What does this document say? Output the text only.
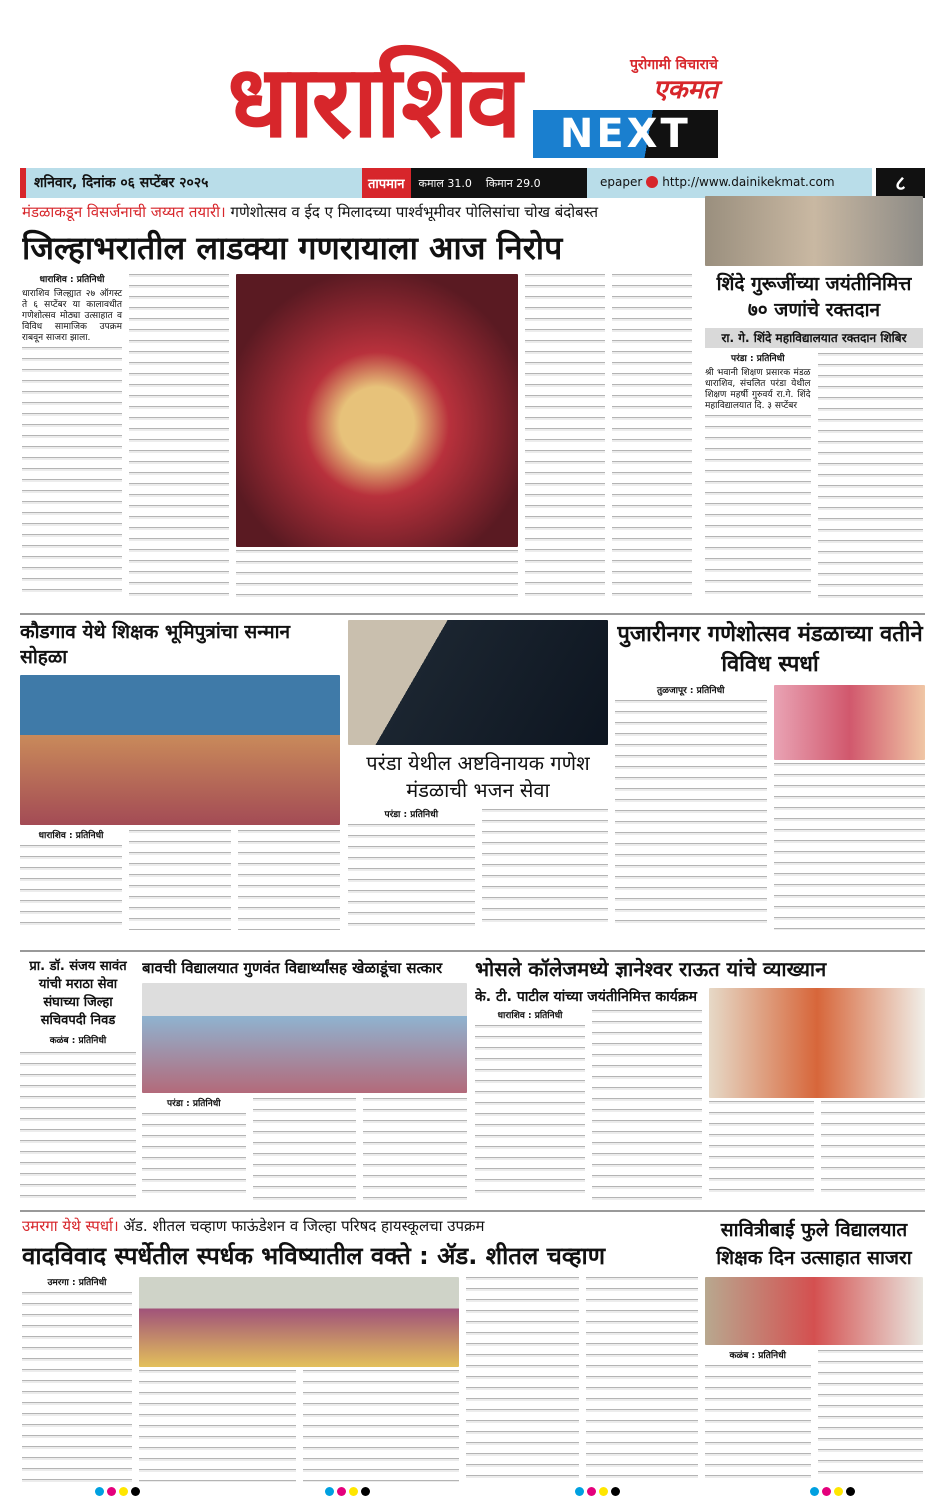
धाराशिव	पुरोगामी विचाराचे
एकमत
NEXT
शनिवार, दिनांक ०६ सप्टेंबर २०२५	तापमान	कमाल 31.0 किमान 29.0	epaper http://www.dainikekmat.com	८
मंडळाकडून विसर्जनाची जय्यत तयारी। गणेशोत्सव व ईद ए मिलादच्या पार्श्वभूमीवर पोलिसांचा चोख बंदोबस्त
जिल्हाभरातील लाडक्या गणरायाला आज निरोप
धाराशिव : प्रतिनिधी
धाराशिव जिल्ह्यात २७ ऑगस्ट ते ६ सप्टेंबर या कालावधीत गणेशोत्सव मोठ्या उत्साहात व विविध सामाजिक उपक्रम राबवून साजरा झाला.
शिंदे गुरूजींच्या जयंतीनिमित्त ७० जणांचे रक्तदान
रा. गे. शिंदे महाविद्यालयात रक्तदान शिबिर
परंडा : प्रतिनिधी
श्री भवानी शिक्षण प्रसारक मंडळ धाराशिव, संचलित परंडा येथील शिक्षण महर्षी गुरुवर्य रा.गे. शिंदे महाविद्यालयात दि. ३ सप्टेंबर
कौडगाव येथे शिक्षक भूमिपुत्रांचा सन्मान सोहळा
धाराशिव : प्रतिनिधी
परंडा येथील अष्टविनायक गणेश मंडळाची भजन सेवा
परंडा : प्रतिनिधी
पुजारीनगर गणेशोत्सव मंडळाच्या वतीने विविध स्पर्धा
तुळजापूर : प्रतिनिधी
प्रा. डॉ. संजय सावंत यांची मराठा सेवा संघाच्या जिल्हा सचिवपदी निवड
कळंब : प्रतिनिधी
बावची विद्यालयात गुणवंत विद्यार्थ्यांसह खेळाडूंचा सत्कार
परंडा : प्रतिनिधी
भोसले कॉलेजमध्ये ज्ञानेश्वर राऊत यांचे व्याख्यान
के. टी. पाटील यांच्या जयंतीनिमित्त कार्यक्रम
धाराशिव : प्रतिनिधी
उमरगा येथे स्पर्धा। ॲड. शीतल चव्हाण फाऊंडेशन व जिल्हा परिषद हायस्कूलचा उपक्रम
वादविवाद स्पर्धेतील स्पर्धक भविष्यातील वक्ते : ॲड. शीतल चव्हाण
उमरगा : प्रतिनिधी
सावित्रीबाई फुले विद्यालयात शिक्षक दिन उत्साहात साजरा
कळंब : प्रतिनिधी
